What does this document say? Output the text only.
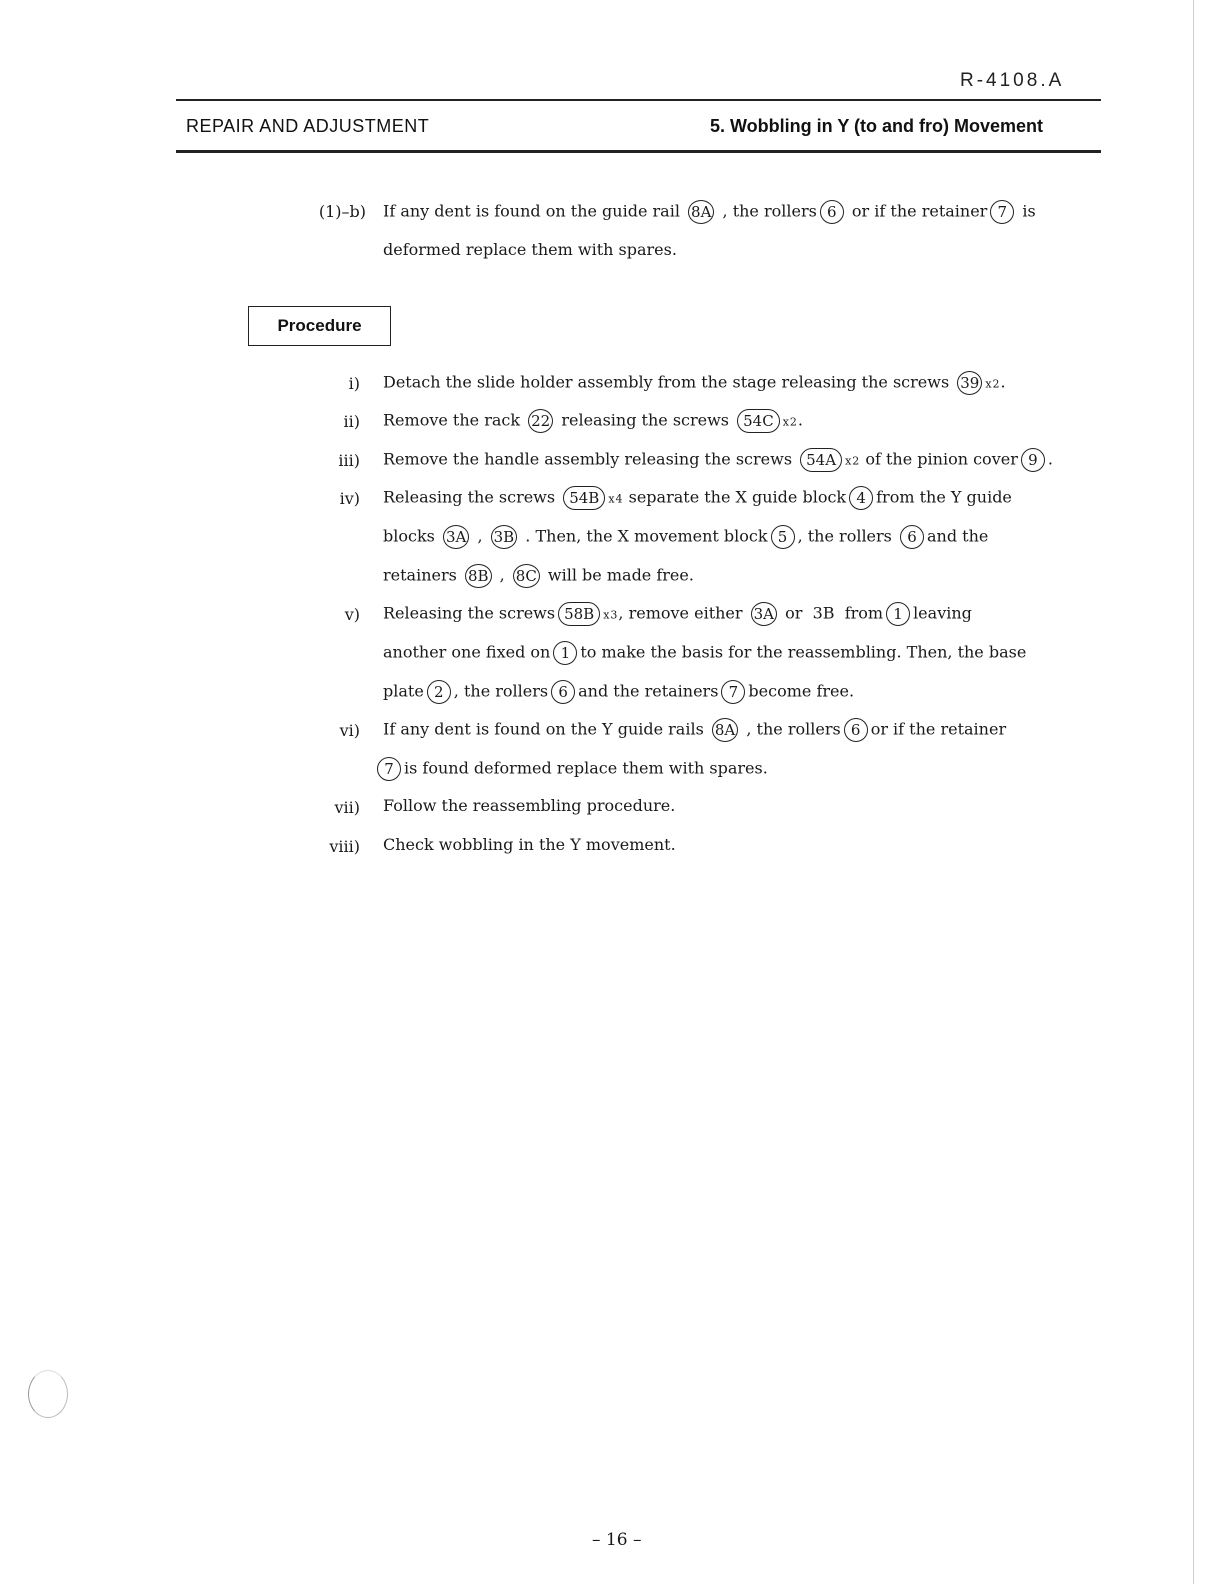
R-4108.A
REPAIR AND ADJUSTMENT	5. Wobbling in Y (to and fro) Movement
(1)–b) If any dent is found on the guide rail 8A , the rollers 6 or if the retainer 7 is
deformed replace them with spares.
Procedure
i) Detach the slide holder assembly from the stage releasing the screws 39 x2.
ii) Remove the rack 22 releasing the screws 54C x2.
iii) Remove the handle assembly releasing the screws 54A x2 of the pinion cover 9 .
iv) Releasing the screws 54B x4 separate the X guide block 4 from the Y guide
blocks 3A , 3B . Then, the X movement block 5 , the rollers 6 and the
retainers 8B , 8C will be made free.
v) Releasing the screws 58B x3, remove either 3A or  3B  from 1 leaving
another one fixed on 1 to make the basis for the reassembling. Then, the base
plate 2 , the rollers 6 and the retainers 7 become free.
vi) If any dent is found on the Y guide rails 8A , the rollers 6 or if the retainer
7 is found deformed replace them with spares.
vii) Follow the reassembling procedure.
viii) Check wobbling in the Y movement.
– 16 –
